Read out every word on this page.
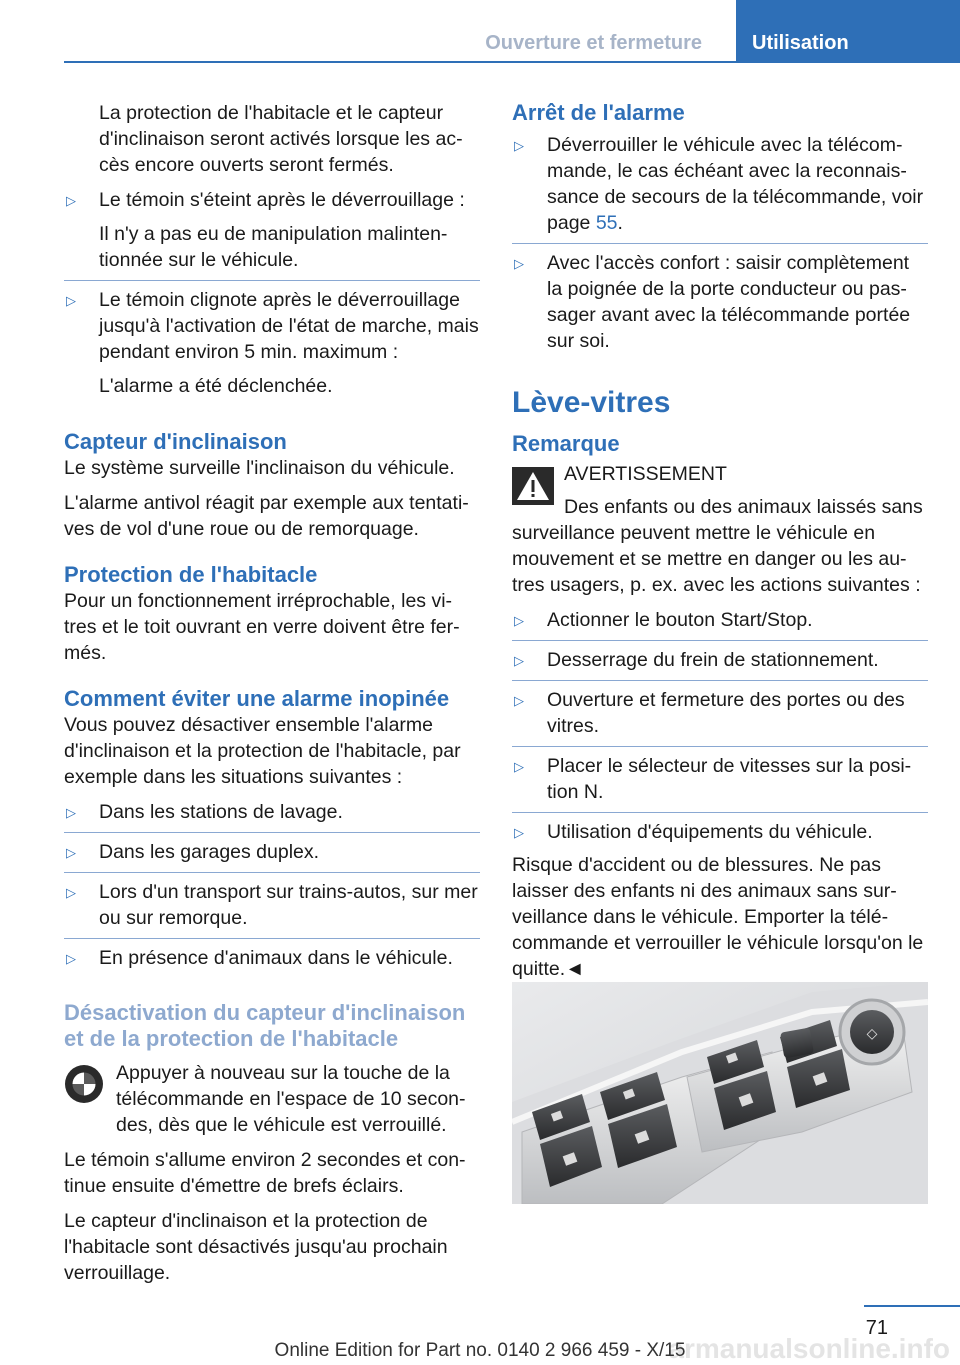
Ouverture et fermeture	Utilisation

La protection de l'habitacle et le capteur d'inclinaison seront activés lorsque les ac‐ cès encore ouverts seront fermés.

▷ Le témoin s'éteint après le déverrouillage :
Il n'y a pas eu de manipulation malinten‐ tionnée sur le véhicule.
▷ Le témoin clignote après le déverrouillage jusqu'à l'activation de l'état de marche, mais pendant environ 5 min. maximum :
L'alarme a été déclenchée.
Capteur d'inclinaison

Le système surveille l'inclinaison du véhicule.

L'alarme antivol réagit par exemple aux tentati‐ ves de vol d'une roue ou de remorquage.

Protection de l'habitacle

Pour un fonctionnement irréprochable, les vi‐ tres et le toit ouvrant en verre doivent être fer‐ més.

Comment éviter une alarme inopinée

Vous pouvez désactiver ensemble l'alarme d'inclinaison et la protection de l'habitacle, par exemple dans les situations suivantes :

▷ Dans les stations de lavage.
▷ Dans les garages duplex.
▷ Lors d'un transport sur trains-autos, sur mer ou sur remorque.
▷ En présence d'animaux dans le véhicule.
Désactivation du capteur d'inclinaison et de la protection de l'habitacle

Appuyer à nouveau sur la touche de la télécommande en l'espace de 10 secon‐ des, dès que le véhicule est verrouillé.

Le témoin s'allume environ 2 secondes et con‐ tinue ensuite d'émettre de brefs éclairs.

Le capteur d'inclinaison et la protection de l'habitacle sont désactivés jusqu'au prochain verrouillage.

Arrêt de l'alarme
▷ Déverrouiller le véhicule avec la télécom‐ mande, le cas échéant avec la reconnais‐ sance de secours de la télécommande, voir page 55.
▷ Avec l'accès confort : saisir complètement la poignée de la porte conducteur ou pas‐ sager avant avec la télécommande portée sur soi.
Lève-vitres
Remarque
AVERTISSEMENT

Des enfants ou des animaux laissés sans surveillance peuvent mettre le véhicule en mouvement et se mettre en danger ou les au‐ tres usagers, p. ex. avec les actions suivantes :

▷ Actionner le bouton Start/Stop.
▷ Desserrage du frein de stationnement.
▷ Ouverture et fermeture des portes ou des vitres.
▷ Placer le sélecteur de vitesses sur la posi‐ tion N.
▷ Utilisation d'équipements du véhicule.

Risque d'accident ou de blessures. Ne pas laisser des enfants ni des animaux sans sur‐ veillance dans le véhicule. Emporter la télé‐ commande et verrouiller le véhicule lorsqu'on le quitte.◄

◇
71
armanualsonline.info
Online Edition for Part no. 0140 2 966 459 - X/15
